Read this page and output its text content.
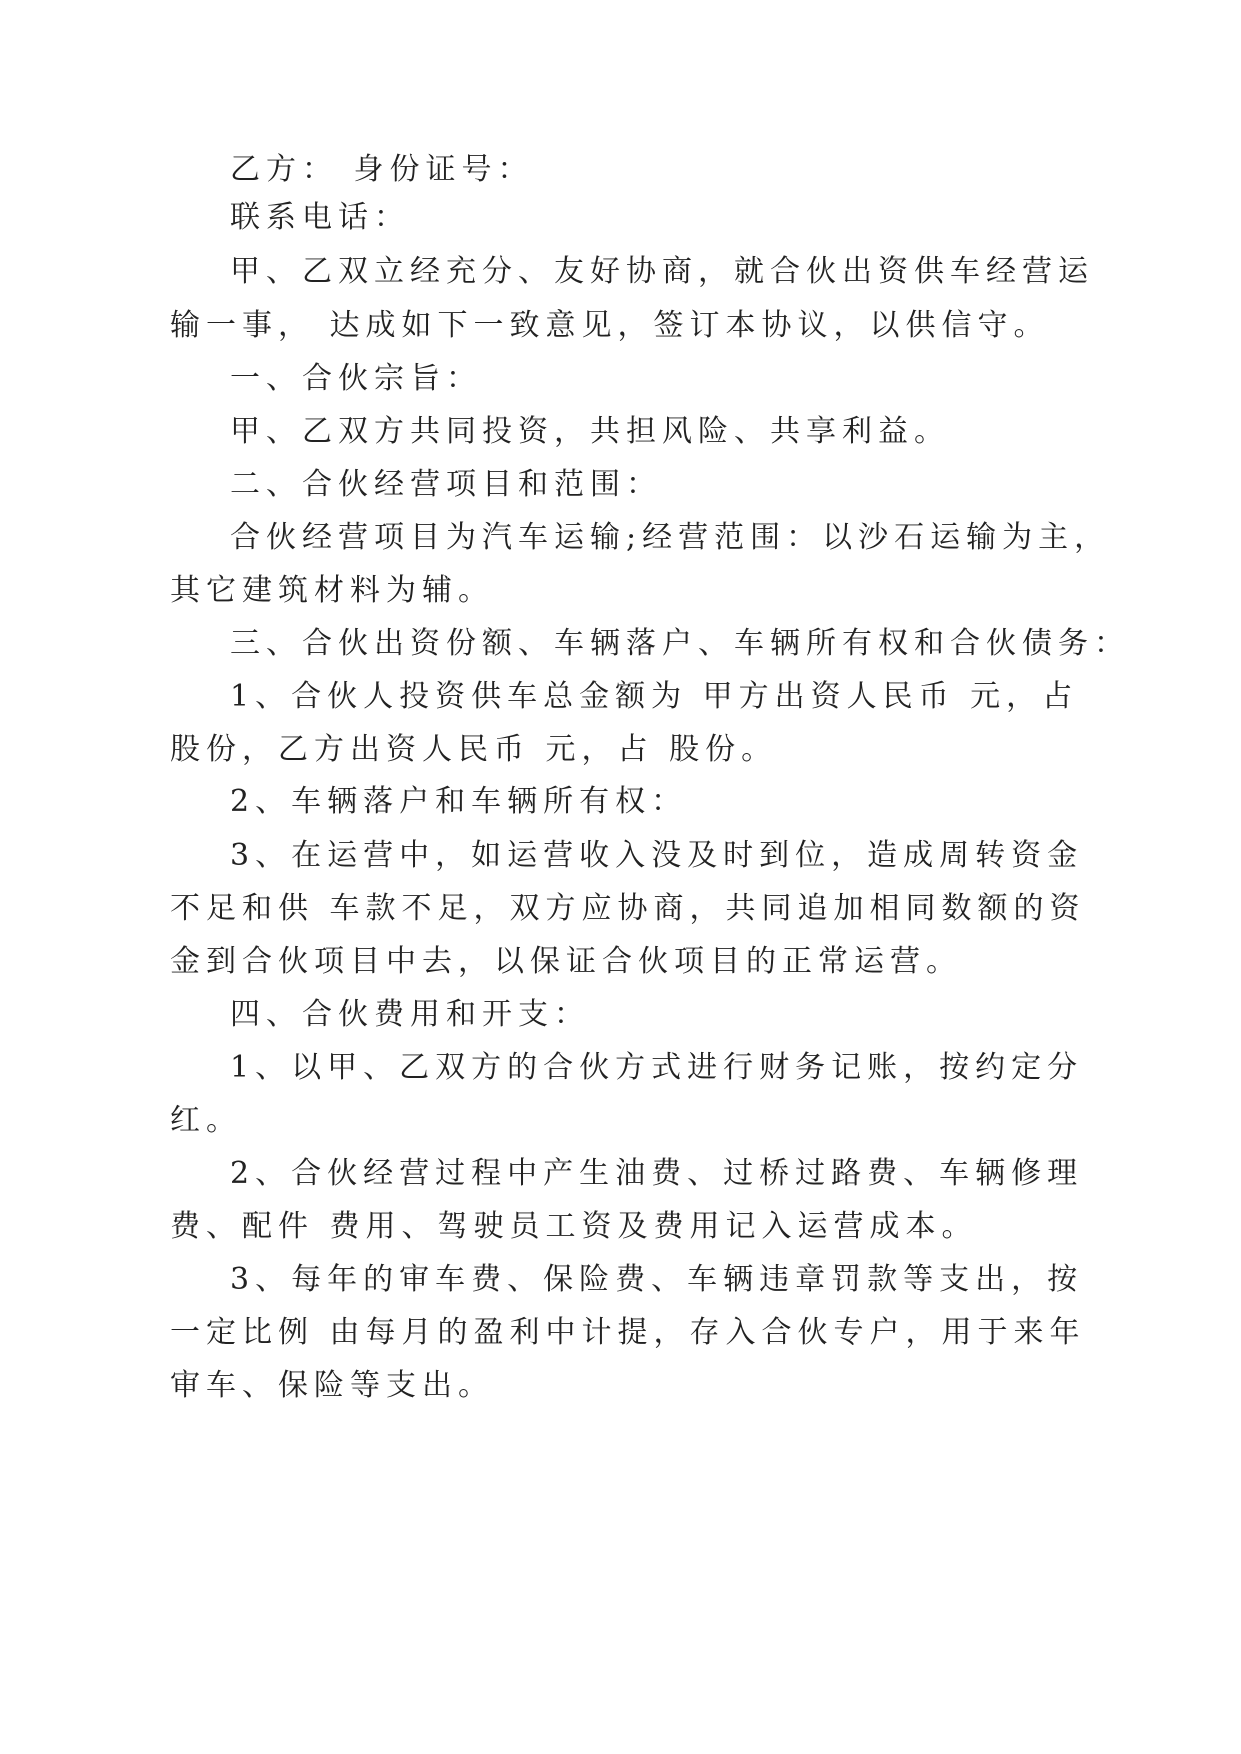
乙方： 身份证号：
联系电话：
甲、乙双立经充分、友好协商，就合伙出资供车经营运
输一事， 达成如下一致意见，签订本协议，以供信守。
一、合伙宗旨：
甲、乙双方共同投资，共担风险、共享利益。
二、合伙经营项目和范围：
合伙经营项目为汽车运输;经营范围：以沙石运输为主，
其它建筑材料为辅。
三、合伙出资份额、车辆落户、车辆所有权和合伙债务：
1、合伙人投资供车总金额为 甲方出资人民币 元，占
股份，乙方出资人民币 元，占 股份。
2、车辆落户和车辆所有权：
3、在运营中，如运营收入没及时到位，造成周转资金
不足和供 车款不足，双方应协商，共同追加相同数额的资
金到合伙项目中去，以保证合伙项目的正常运营。
四、合伙费用和开支：
1、以甲、乙双方的合伙方式进行财务记账，按约定分
红。
2、合伙经营过程中产生油费、过桥过路费、车辆修理
费、配件 费用、驾驶员工资及费用记入运营成本。
3、每年的审车费、保险费、车辆违章罚款等支出，按
一定比例 由每月的盈利中计提，存入合伙专户，用于来年
审车、保险等支出。
